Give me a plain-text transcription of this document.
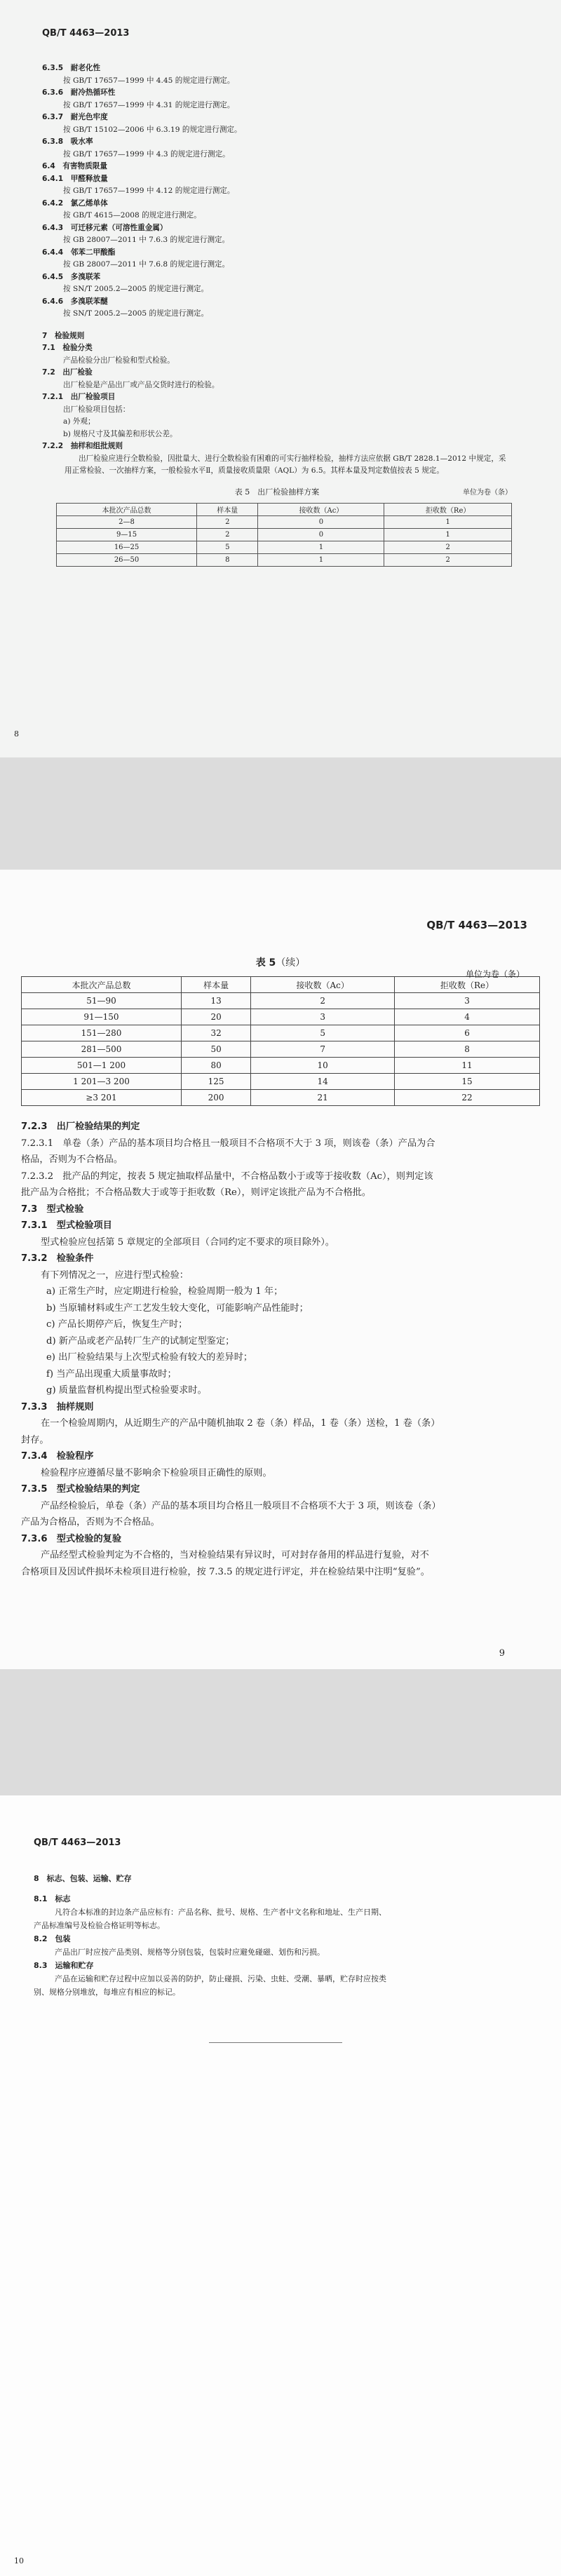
QB/T 4463—2013
6.3.5　耐老化性
按 GB/T 17657—1999 中 4.45 的规定进行测定。
6.3.6　耐冷热循环性
按 GB/T 17657—1999 中 4.31 的规定进行测定。
6.3.7　耐光色牢度
按 GB/T 15102—2006 中 6.3.19 的规定进行测定。
6.3.8　吸水率
按 GB/T 17657—1999 中 4.3 的规定进行测定。
6.4　有害物质限量
6.4.1　甲醛释放量
按 GB/T 17657—1999 中 4.12 的规定进行测定。
6.4.2　氯乙烯单体
按 GB/T 4615—2008 的规定进行测定。
6.4.3　可迁移元素（可溶性重金属）
按 GB 28007—2011 中 7.6.3 的规定进行测定。
6.4.4　邻苯二甲酸酯
按 GB 28007—2011 中 7.6.8 的规定进行测定。
6.4.5　多溴联苯
按 SN/T 2005.2—2005 的规定进行测定。
6.4.6　多溴联苯醚
按 SN/T 2005.2—2005 的规定进行测定。
7　检验规则
7.1　检验分类
产品检验分出厂检验和型式检验。
7.2　出厂检验
出厂检验是产品出厂或产品交货时进行的检验。
7.2.1　出厂检验项目
出厂检验项目包括：
a) 外观；
b) 规格尺寸及其偏差和形状公差。
7.2.2　抽样和组批规则
出厂检验应进行全数检验，因批量大、进行全数检验有困难的可实行抽样检验，抽样方法应依据 GB/T 2828.1—2012 中规定，采用正常检验、一次抽样方案，一般检验水平Ⅱ，质量接收质量限（AQL）为 6.5。其样本量及判定数值按表 5 规定。
表 5　出厂检验抽样方案	单位为卷（条）
本批次产品总数	样本量	接收数（Ac）	拒收数（Re）
2—8	2	0	1
9—15	2	0	1
16—25	5	1	2
26—50	8	1	2
8
QB/T 4463—2013
表 5（续）
单位为卷（条）
本批次产品总数	样本量	接收数（Ac）	拒收数（Re）
51—90	13	2	3
91—150	20	3	4
151—280	32	5	6
281—500	50	7	8
501—1 200	80	10	11
1 201—3 200	125	14	15
≥3 201	200	21	22
7.2.3　出厂检验结果的判定
7.2.3.1　单卷（条）产品的基本项目均合格且一般项目不合格项不大于 3 项，则该卷（条）产品为合
格品，否则为不合格品。
7.2.3.2　批产品的判定，按表 5 规定抽取样品量中，不合格品数小于或等于接收数（Ac），则判定该
批产品为合格批；不合格品数大于或等于拒收数（Re），则评定该批产品为不合格批。
7.3　型式检验
7.3.1　型式检验项目
型式检验应包括第 5 章规定的全部项目（合同约定不要求的项目除外）。
7.3.2　检验条件
有下列情况之一，应进行型式检验：
a) 正常生产时，应定期进行检验，检验周期一般为 1 年；
b) 当原辅材料或生产工艺发生较大变化，可能影响产品性能时；
c) 产品长期停产后，恢复生产时；
d) 新产品或老产品转厂生产的试制定型鉴定；
e) 出厂检验结果与上次型式检验有较大的差异时；
f) 当产品出现重大质量事故时；
g) 质量监督机构提出型式检验要求时。
7.3.3　抽样规则
在一个检验周期内，从近期生产的产品中随机抽取 2 卷（条）样品，1 卷（条）送检，1 卷（条）
封存。
7.3.4　检验程序
检验程序应遵循尽量不影响余下检验项目正确性的原则。
7.3.5　型式检验结果的判定
产品经检验后，单卷（条）产品的基本项目均合格且一般项目不合格项不大于 3 项，则该卷（条）
产品为合格品，否则为不合格品。
7.3.6　型式检验的复验
产品经型式检验判定为不合格的，当对检验结果有异议时，可对封存备用的样品进行复验，对不
合格项目及因试件损坏未检项目进行检验，按 7.3.5 的规定进行评定，并在检验结果中注明“复验”。
9
QB/T 4463—2013
8　标志、包装、运输、贮存
8.1　标志
凡符合本标准的封边条产品应标有：产品名称、批号、规格、生产者中文名称和地址、生产日期、
产品标准编号及检验合格证明等标志。
8.2　包装
产品出厂时应按产品类别、规格等分别包装，包装时应避免碰磁、划伤和污损。
8.3　运输和贮存
产品在运输和贮存过程中应加以妥善的防护，防止碰损、污染、虫蛀、受潮、暴晒，贮存时应按类
别、规格分别堆放，每堆应有相应的标记。
10
